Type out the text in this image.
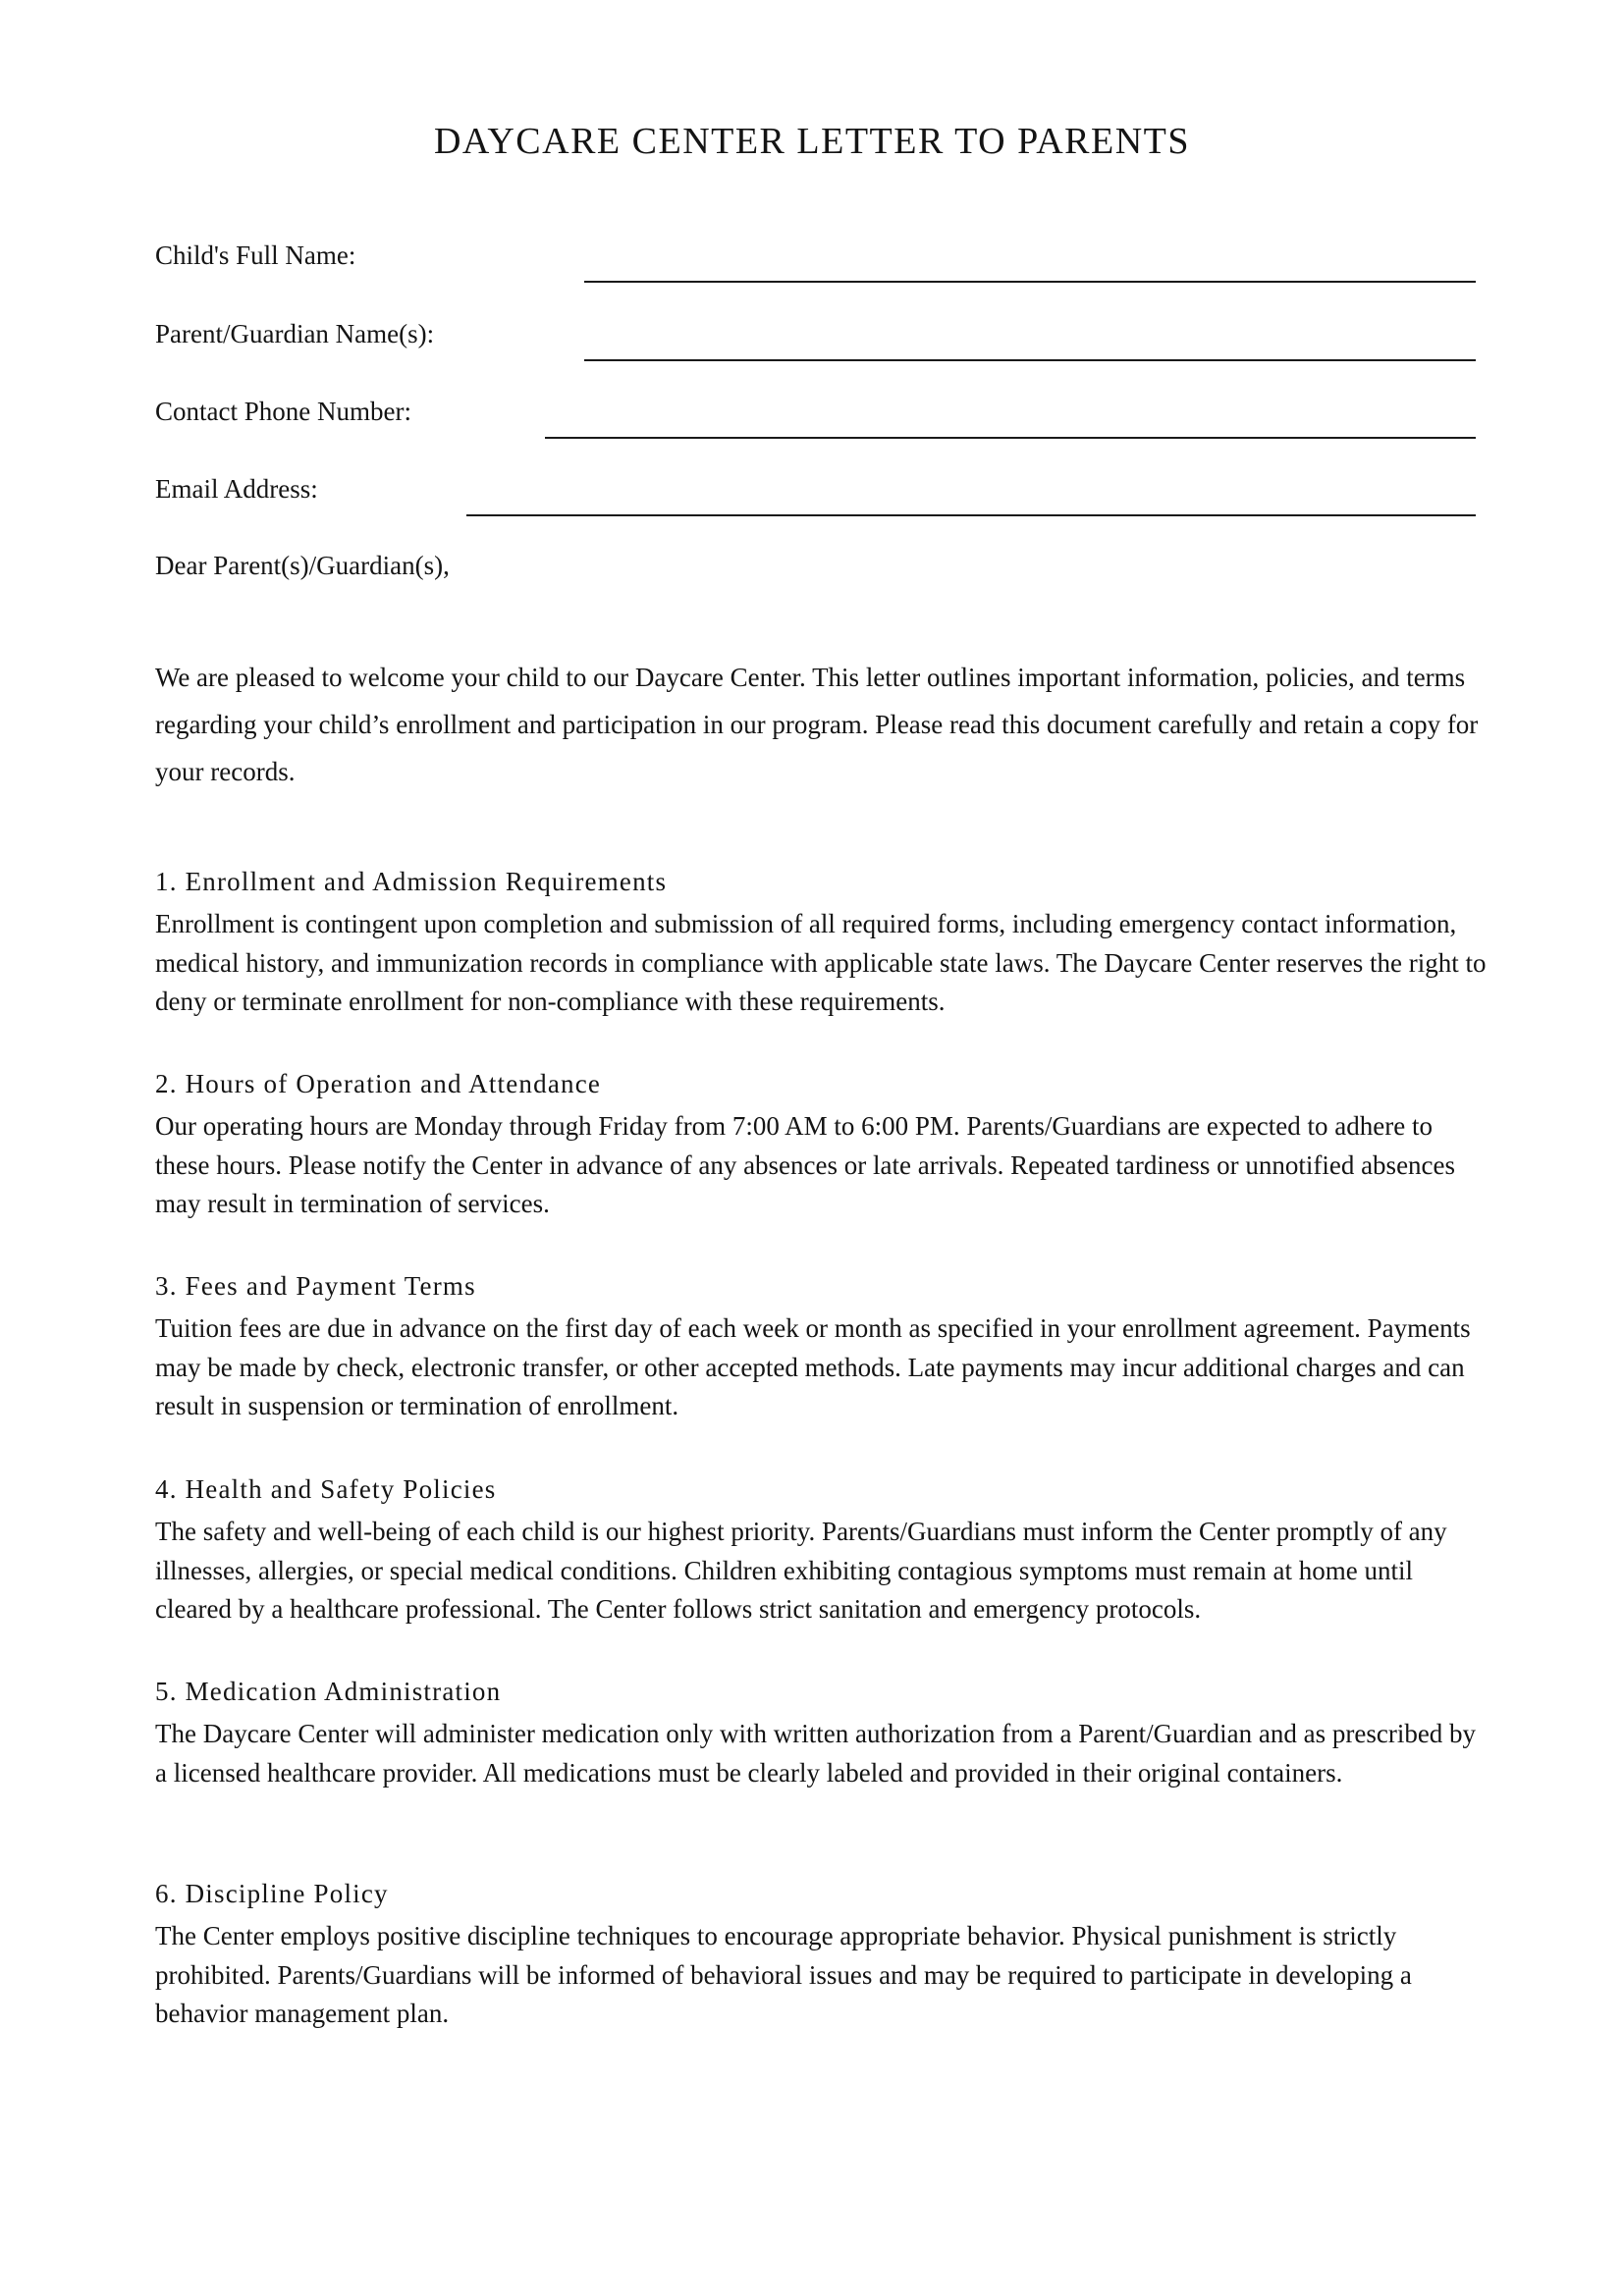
DAYCARE CENTER LETTER TO PARENTS
Child's Full Name:
Parent/Guardian Name(s):
Contact Phone Number:
Email Address:

Dear Parent(s)/Guardian(s),

We are pleased to welcome your child to our Daycare Center. This letter outlines important information, policies, and terms regarding your child’s enrollment and participation in our program. Please read this document carefully and retain a copy for your records.

1. Enrollment and Admission Requirements

Enrollment is contingent upon completion and submission of all required forms, including emergency contact information, medical history, and immunization records in compliance with applicable state laws. The Daycare Center reserves the right to deny or terminate enrollment for non-compliance with these requirements.

2. Hours of Operation and Attendance

Our operating hours are Monday through Friday from 7:00 AM to 6:00 PM. Parents/Guardians are expected to adhere to these hours. Please notify the Center in advance of any absences or late arrivals. Repeated tardiness or unnotified absences may result in termination of services.

3. Fees and Payment Terms

Tuition fees are due in advance on the first day of each week or month as specified in your enrollment agreement. Payments may be made by check, electronic transfer, or other accepted methods. Late payments may incur additional charges and can result in suspension or termination of enrollment.

4. Health and Safety Policies

The safety and well-being of each child is our highest priority. Parents/Guardians must inform the Center promptly of any illnesses, allergies, or special medical conditions. Children exhibiting contagious symptoms must remain at home until cleared by a healthcare professional. The Center follows strict sanitation and emergency protocols.

5. Medication Administration

The Daycare Center will administer medication only with written authorization from a Parent/Guardian and as prescribed by a licensed healthcare provider. All medications must be clearly labeled and provided in their original containers.

6. Discipline Policy

The Center employs positive discipline techniques to encourage appropriate behavior. Physical punishment is strictly prohibited. Parents/Guardians will be informed of behavioral issues and may be required to participate in developing a behavior management plan.
